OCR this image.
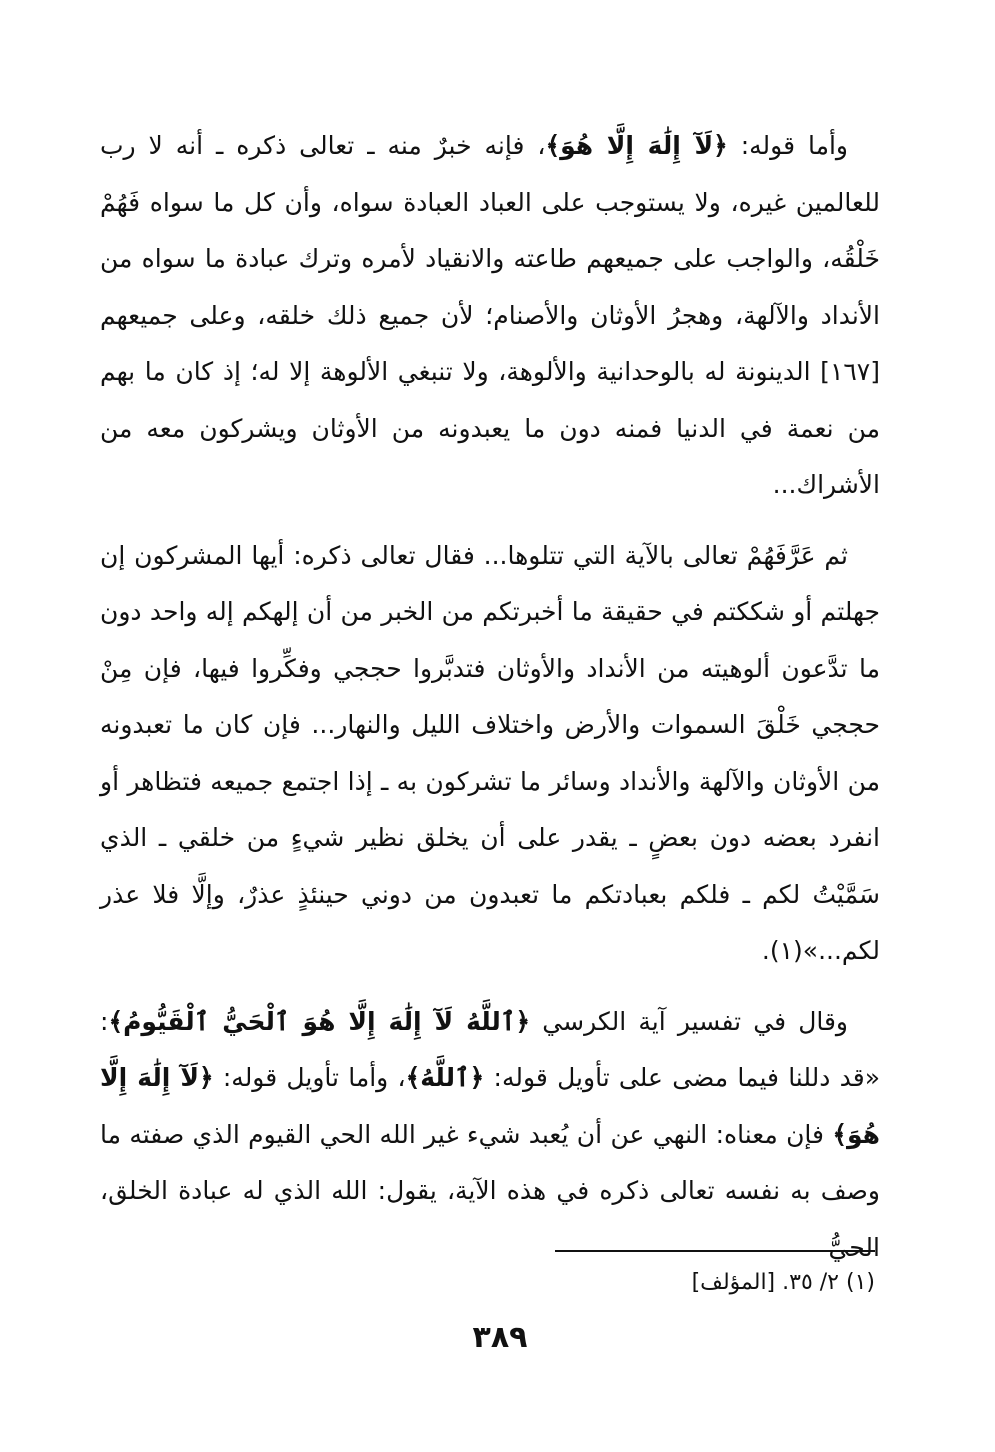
وأما قوله: ﴿لَآ إِلَٰهَ إِلَّا هُوَ﴾، فإنه خبرٌ منه ـ تعالى ذكره ـ أنه لا رب للعالمين غيره، ولا يستوجب على العباد العبادة سواه، وأن كل ما سواه فَهُمْ خَلْقُه، والواجب على جميعهم طاعته والانقياد لأمره وترك عبادة ما سواه من الأنداد والآلهة، وهجرُ الأوثان والأصنام؛ لأن جميع ذلك خلقه، وعلى جميعهم [١٦٧] الدينونة له بالوحدانية والألوهة، ولا تنبغي الألوهة إلا له؛ إذ كان ما بهم من نعمة في الدنيا فمنه دون ما يعبدونه من الأوثان ويشركون معه من الأشراك...

ثم عَرَّفَهُمْ تعالى بالآية التي تتلوها... فقال تعالى ذكره: أيها المشركون إن جهلتم أو شككتم في حقيقة ما أخبرتكم من الخبر من أن إلهكم إله واحد دون ما تدَّعون ألوهيته من الأنداد والأوثان فتدبَّروا حججي وفكِّروا فيها، فإن مِنْ حججي خَلْقَ السموات والأرض واختلاف الليل والنهار... فإن كان ما تعبدونه من الأوثان والآلهة والأنداد وسائر ما تشركون به ـ إذا اجتمع جميعه فتظاهر أو انفرد بعضه دون بعضٍ ـ يقدر على أن يخلق نظير شيءٍ من خلقي ـ الذي سَمَّيْتُ لكم ـ فلكم بعبادتكم ما تعبدون من دوني حينئذٍ عذرٌ، وإلَّا فلا عذر لكم...»(١).

وقال في تفسير آية الكرسي ﴿ٱللَّهُ لَآ إِلَٰهَ إِلَّا هُوَ ٱلْحَيُّ ٱلْقَيُّومُ﴾: «قد دللنا فيما مضى على تأويل قوله: ﴿ٱللَّهُ﴾، وأما تأويل قوله: ﴿لَآ إِلَٰهَ إِلَّا هُوَ﴾ فإن معناه: النهي عن أن يُعبد شيء غير الله الحي القيوم الذي صفته ما وصف به نفسه تعالى ذكره في هذه الآية، يقول: الله الذي له عبادة الخلق، الحيُّ

(١) ٢/ ٣٥. [المؤلف]
٣٨٩
